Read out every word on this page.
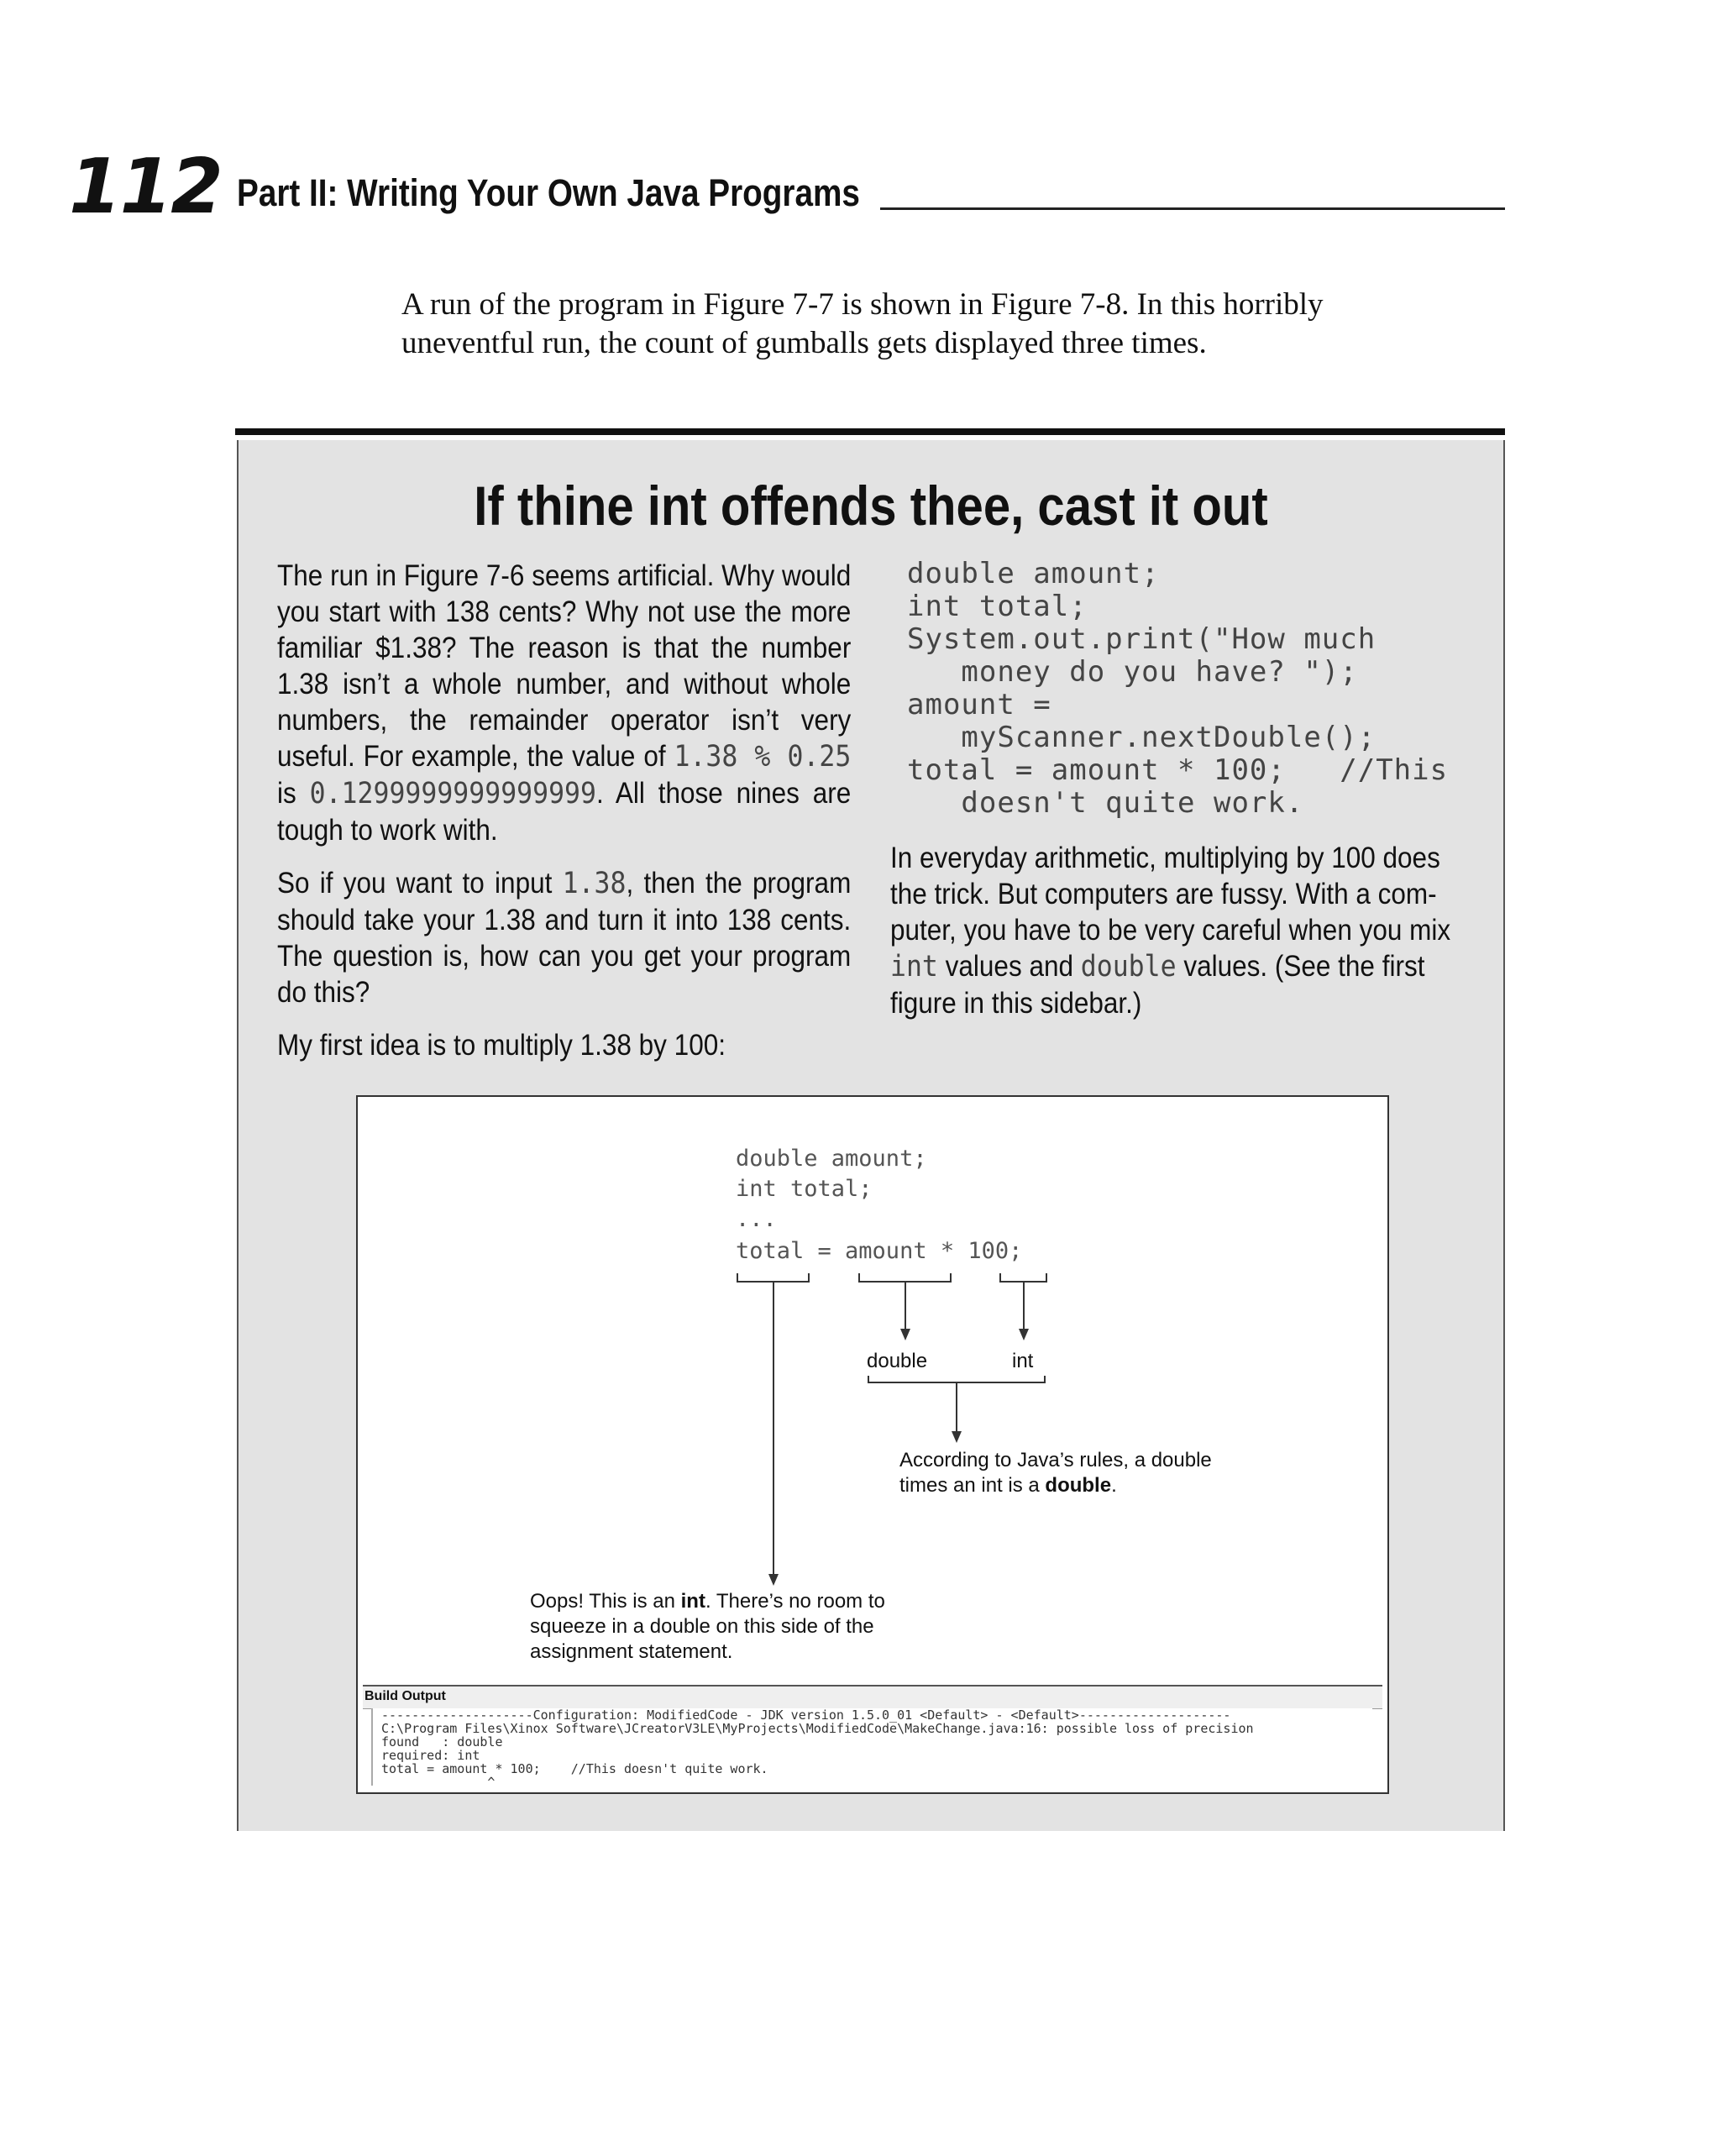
112 Part II: Writing Your Own Java Programs
A run of the program in Figure 7-7 is shown in Figure 7-8. In this horribly uneventful run, the count of gumballs gets displayed three times.
If thine int offends thee, cast it out

The run in Figure 7-6 seems artificial. Why would you start with 138 cents? Why not use the more familiar $1.38? The reason is that the number 1.38 isn’t a whole number, and without whole numbers, the remainder operator isn’t very useful. For example, the value of 1.38 % 0.25 is 0.1299999999999999. All those nines are tough to work with.

So if you want to input 1.38, then the program should take your 1.38 and turn it into 138 cents. The question is, how can you get your program do this?

My first idea is to multiply 1.38 by 100:

double amount;
int total;
System.out.print("How much
money do you have? ");
amount =
myScanner.nextDouble();
total = amount * 100;   //This
doesn't quite work.

In everyday arithmetic, multiplying by 100 does the trick. But computers are fussy. With a com-puter, you have to be very careful when you mix int values and double values. (See the first figure in this sidebar.)

double amount;
int total;
...
total = amount * 100;
double	int
According to Java’s rules, a double
times an int is a double.
Oops! This is an int. There’s no room to
squeeze in a double on this side of the
assignment statement.
Build Output
--------------------Configuration: ModifiedCode - JDK version 1.5.0_01 <Default> - <Default>--------------------
C:\Program Files\Xinox Software\JCreatorV3LE\MyProjects\ModifiedCode\MakeChange.java:16: possible loss of precision
found   : double
required: int
total = amount * 100;    //This doesn't quite work.
^
